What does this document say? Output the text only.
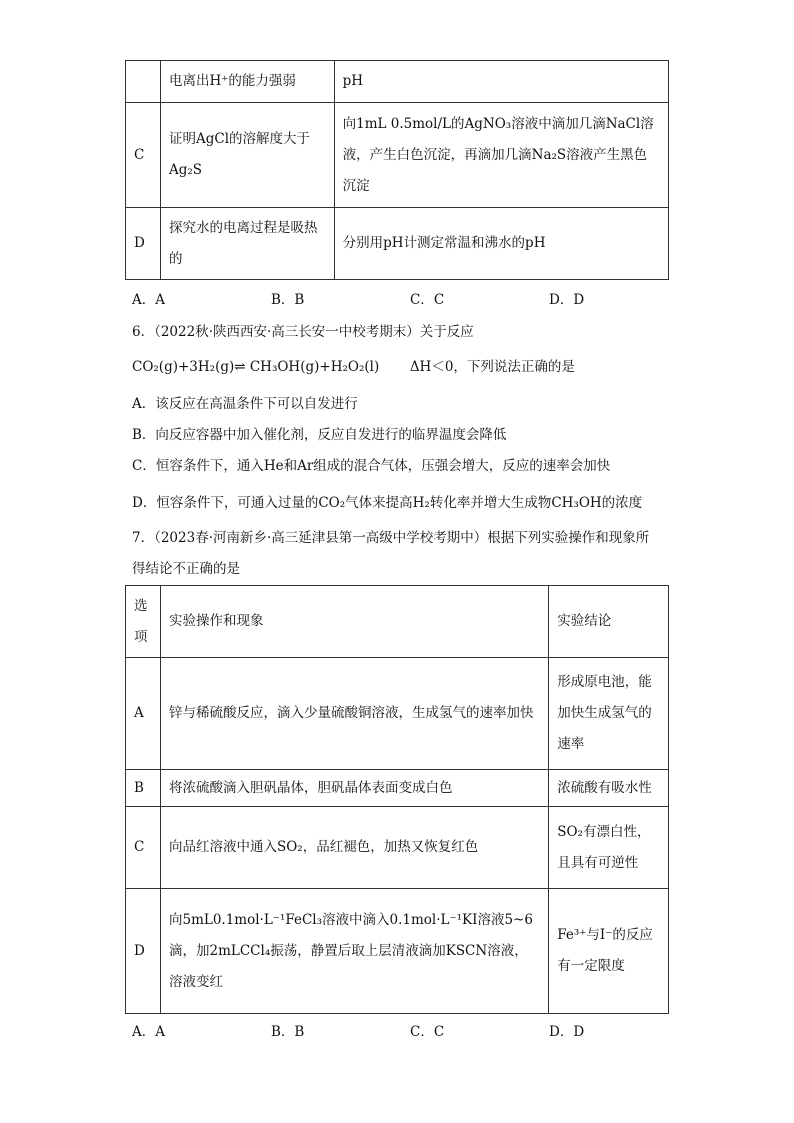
	电离出H⁺的能力强弱	pH
C	证明AgCl的溶解度大于Ag₂S	向1mL 0.5mol/L的AgNO₃溶液中滴加几滴NaCl溶液，产生白色沉淀，再滴加几滴Na₂S溶液产生黑色沉淀
D	探究水的电离过程是吸热的	分别用pH计测定常温和沸水的pH
A．A	B．B	C．C	D．D
6．（2022秋·陕西西安·高三长安一中校考期末）关于反应
CO₂(g)+3H₂(g)⇌ CH₃OH(g)+H₂O₂(l) ΔH＜0，下列说法正确的是
A．该反应在高温条件下可以自发进行
B．向反应容器中加入催化剂，反应自发进行的临界温度会降低
C．恒容条件下，通入He和Ar组成的混合气体，压强会增大，反应的速率会加快
D．恒容条件下，可通入过量的CO₂气体来提高H₂转化率并增大生成物CH₃OH的浓度
7．（2023春·河南新乡·高三延津县第一高级中学校考期中）根据下列实验操作和现象所
得结论不正确的是
选项	实验操作和现象	实验结论
A	锌与稀硫酸反应，滴入少量硫酸铜溶液，生成氢气的速率加快	形成原电池，能加快生成氢气的速率
B	将浓硫酸滴入胆矾晶体，胆矾晶体表面变成白色	浓硫酸有吸水性
C	向品红溶液中通入SO₂，品红褪色，加热又恢复红色	SO₂有漂白性，且具有可逆性
D	向5mL0.1mol·L⁻¹FeCl₃溶液中滴入0.1mol·L⁻¹KI溶液5~6滴，加2mLCCl₄振荡，静置后取上层清液滴加KSCN溶液，溶液变红	Fe³⁺与I⁻的反应有一定限度
A．A	B．B	C．C	D．D
